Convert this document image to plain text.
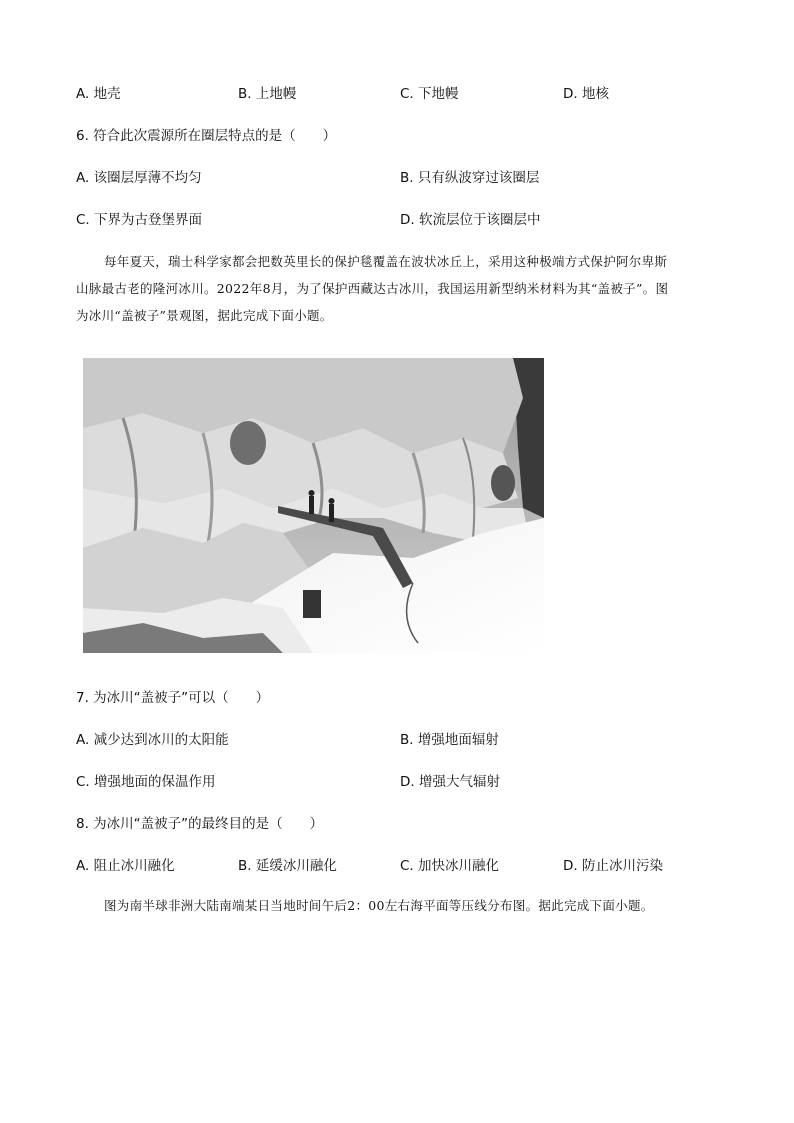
A. 地壳	B. 上地幔	C. 下地幔	D. 地核
6. 符合此次震源所在圈层特点的是（　　）
A. 该圈层厚薄不均匀	B. 只有纵波穿过该圈层
C. 下界为古登堡界面	D. 软流层位于该圈层中
每年夏天，瑞士科学家都会把数英里长的保护毯覆盖在波状冰丘上，采用这种极端方式保护阿尔卑斯
山脉最古老的隆河冰川。2022年8月，为了保护西藏达古冰川，我国运用新型纳米材料为其“盖被子”。图
为冰川“盖被子”景观图，据此完成下面小题。
7. 为冰川“盖被子”可以（　　）
A. 减少达到冰川的太阳能	B. 增强地面辐射
C. 增强地面的保温作用	D. 增强大气辐射
8. 为冰川“盖被子”的最终目的是（　　）
A. 阻止冰川融化	B. 延缓冰川融化	C. 加快冰川融化	D. 防止冰川污染
图为南半球非洲大陆南端某日当地时间午后2：00左右海平面等压线分布图。据此完成下面小题。
